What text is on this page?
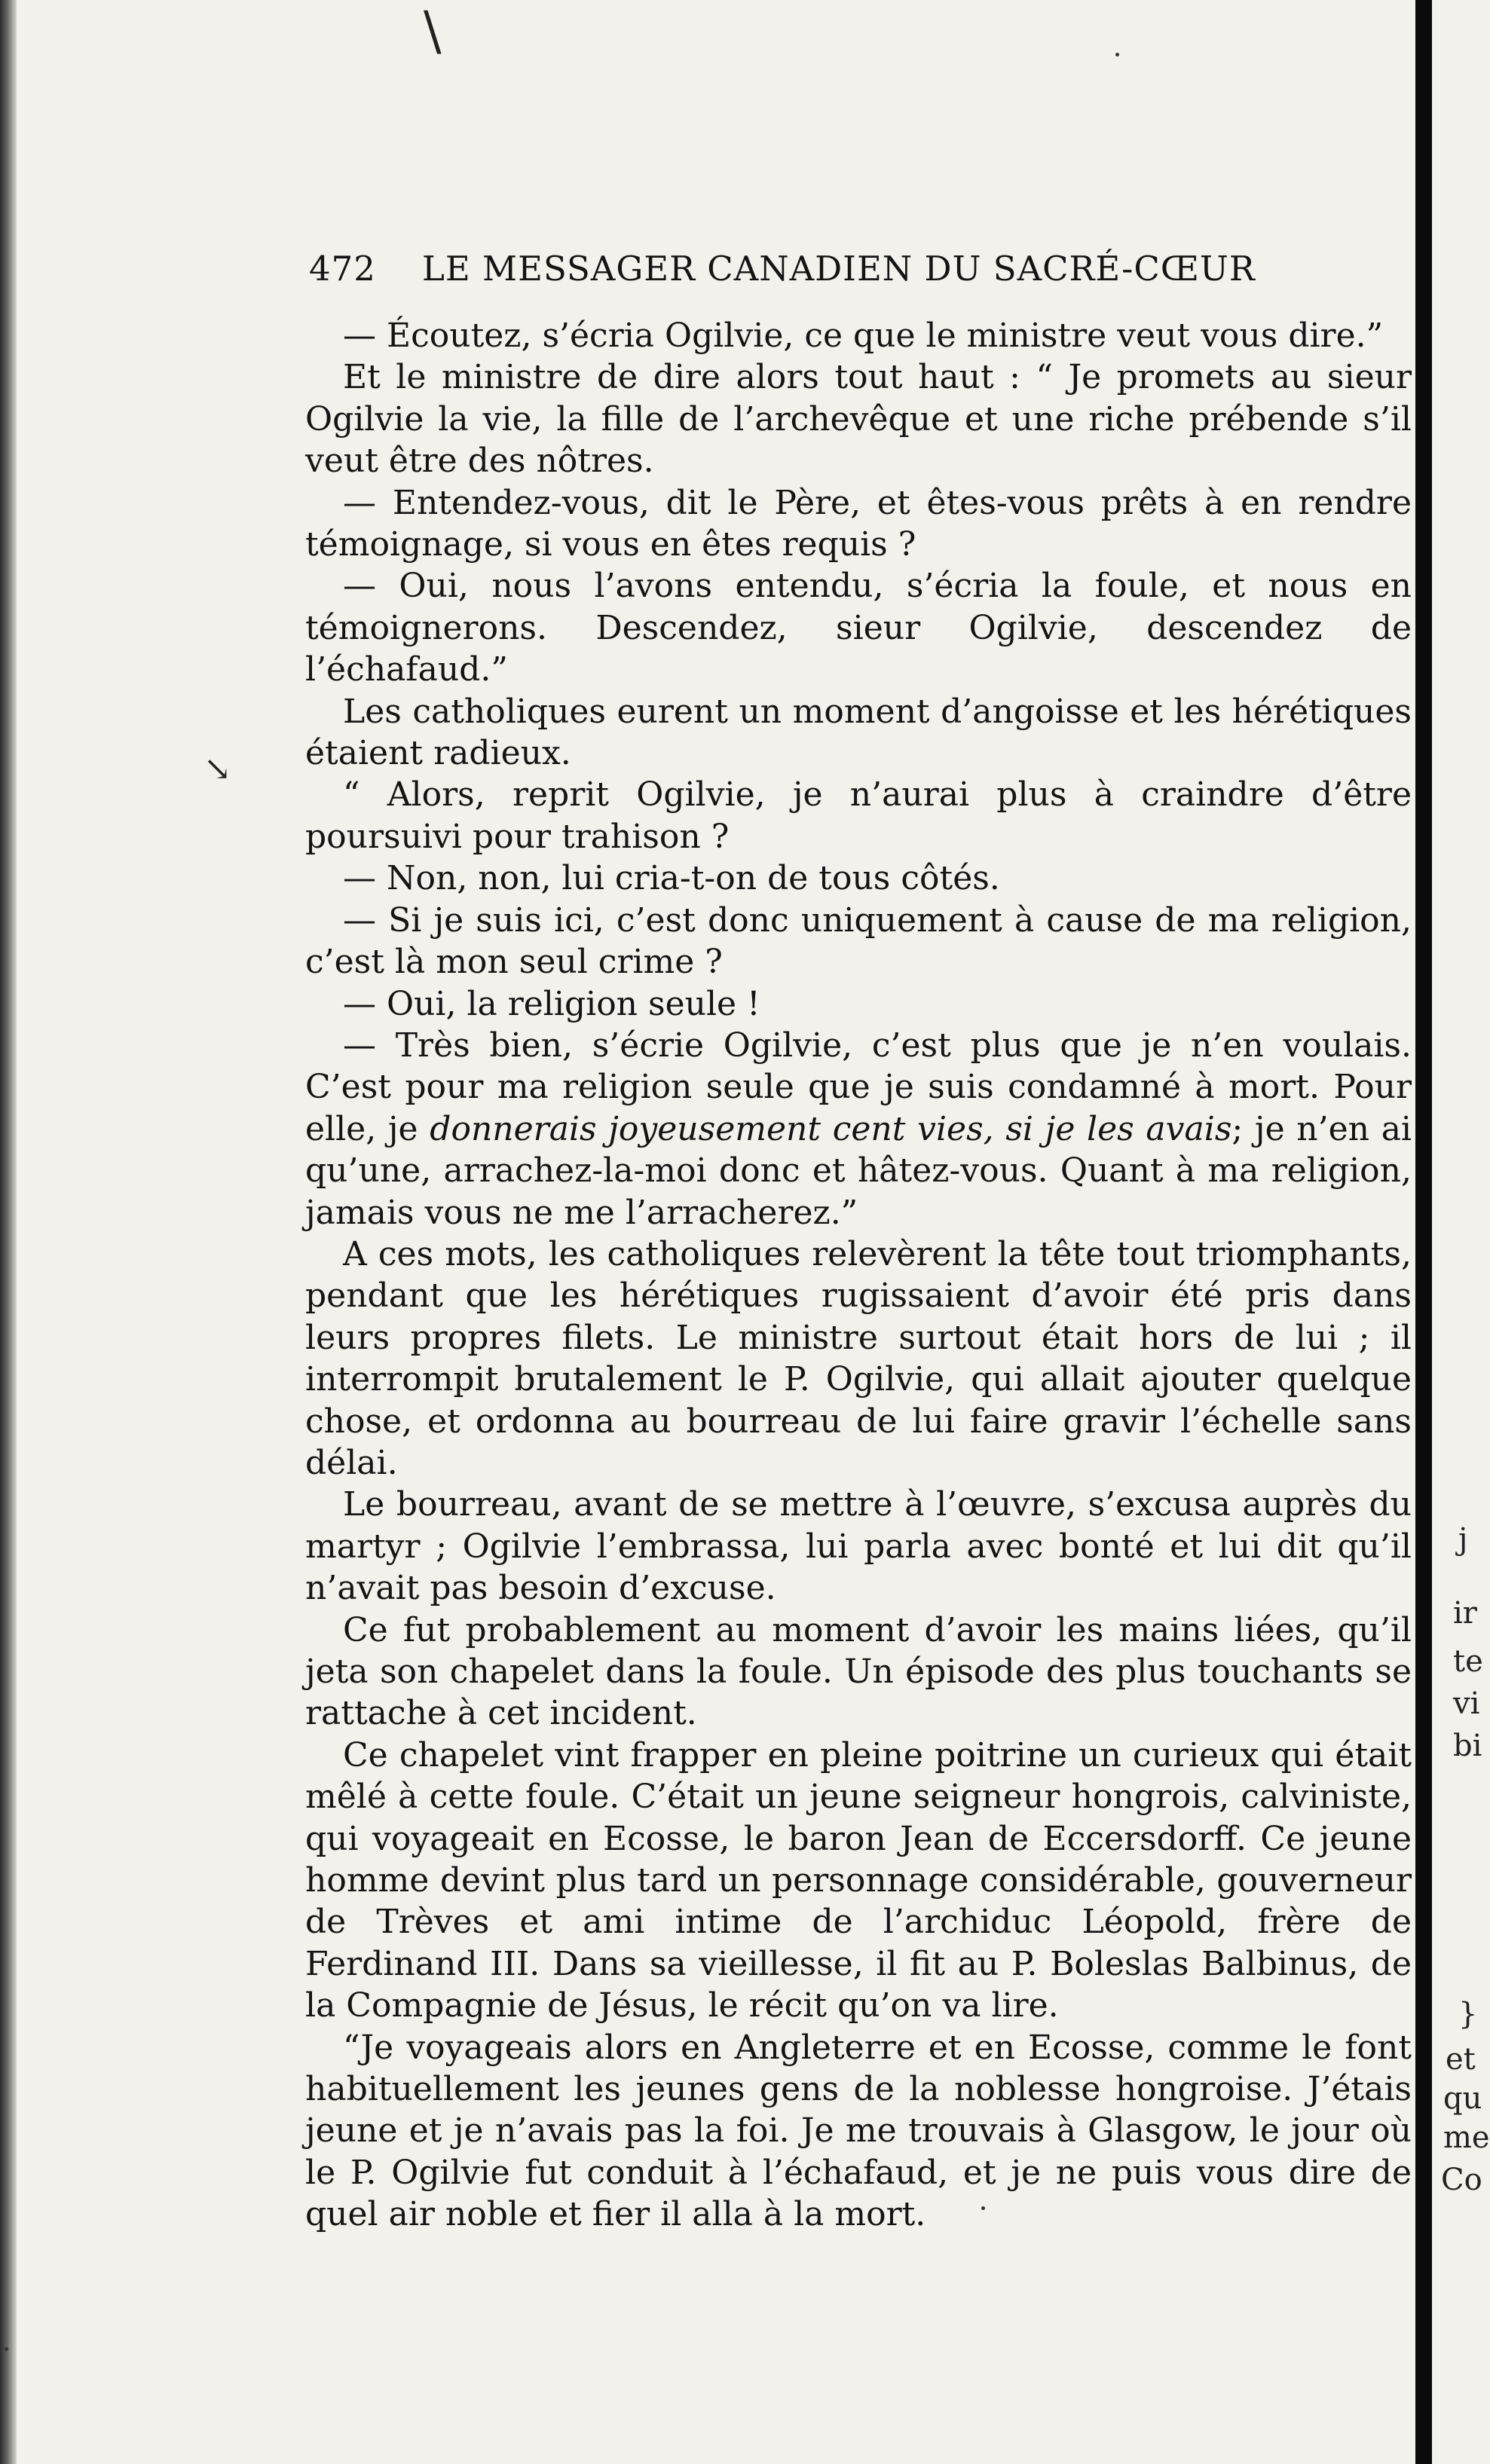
\
↘
472 LE MESSAGER CANADIEN DU SACRÉ-CŒUR

— Écoutez, s’écria Ogilvie, ce que le ministre veut vous dire.”

Et le ministre de dire alors tout haut : “ Je promets au sieur Ogilvie la vie, la fille de l’archevêque et une riche prébende s’il veut être des nôtres.

— Entendez-vous, dit le Père, et êtes-vous prêts à en rendre témoignage, si vous en êtes requis ?

— Oui, nous l’avons entendu, s’écria la foule, et nous en témoignerons. Descendez, sieur Ogilvie, descendez de l’échafaud.”

Les catholiques eurent un moment d’angoisse et les hérétiques étaient radieux.

“ Alors, reprit Ogilvie, je n’aurai plus à craindre d’être poursuivi pour trahison ?

— Non, non, lui cria-t-on de tous côtés.

— Si je suis ici, c’est donc uniquement à cause de ma religion, c’est là mon seul crime ?

— Oui, la religion seule !

— Très bien, s’écrie Ogilvie, c’est plus que je n’en voulais. C’est pour ma religion seule que je suis condamné à mort. Pour elle, je donnerais joyeusement cent vies, si je les avais; je n’en ai qu’une, arrachez-la-moi donc et hâtez-vous. Quant à ma religion, jamais vous ne me l’arracherez.”

A ces mots, les catholiques relevèrent la tête tout triomphants, pendant que les hérétiques rugissaient d’avoir été pris dans leurs propres filets. Le ministre surtout était hors de lui ; il interrompit brutalement le P. Ogilvie, qui allait ajouter quelque chose, et ordonna au bourreau de lui faire gravir l’échelle sans délai.

Le bourreau, avant de se mettre à l’œuvre, s’excusa auprès du martyr ; Ogilvie l’embrassa, lui parla avec bonté et lui dit qu’il n’avait pas besoin d’excuse.

Ce fut probablement au moment d’avoir les mains liées, qu’il jeta son chapelet dans la foule. Un épisode des plus touchants se rattache à cet incident.

Ce chapelet vint frapper en pleine poitrine un curieux qui était mêlé à cette foule. C’était un jeune seigneur hongrois, calviniste, qui voyageait en Ecosse, le baron Jean de Eccersdorff. Ce jeune homme devint plus tard un personnage considérable, gouverneur de Trèves et ami intime de l’archiduc Léopold, frère de Ferdinand III. Dans sa vieillesse, il fit au P. Boleslas Balbinus, de la Compagnie de Jésus, le récit qu’on va lire.

“Je voyageais alors en Angleterre et en Ecosse, comme le font habituellement les jeunes gens de la noblesse hongroise. J’étais jeune et je n’avais pas la foi. Je me trouvais à Glasgow, le jour où le P. Ogilvie fut conduit à l’échafaud, et je ne puis vous dire de quel air noble et fier il alla à la mort.

j
ir
te
vi
bi
}
et
qu
me
Co
